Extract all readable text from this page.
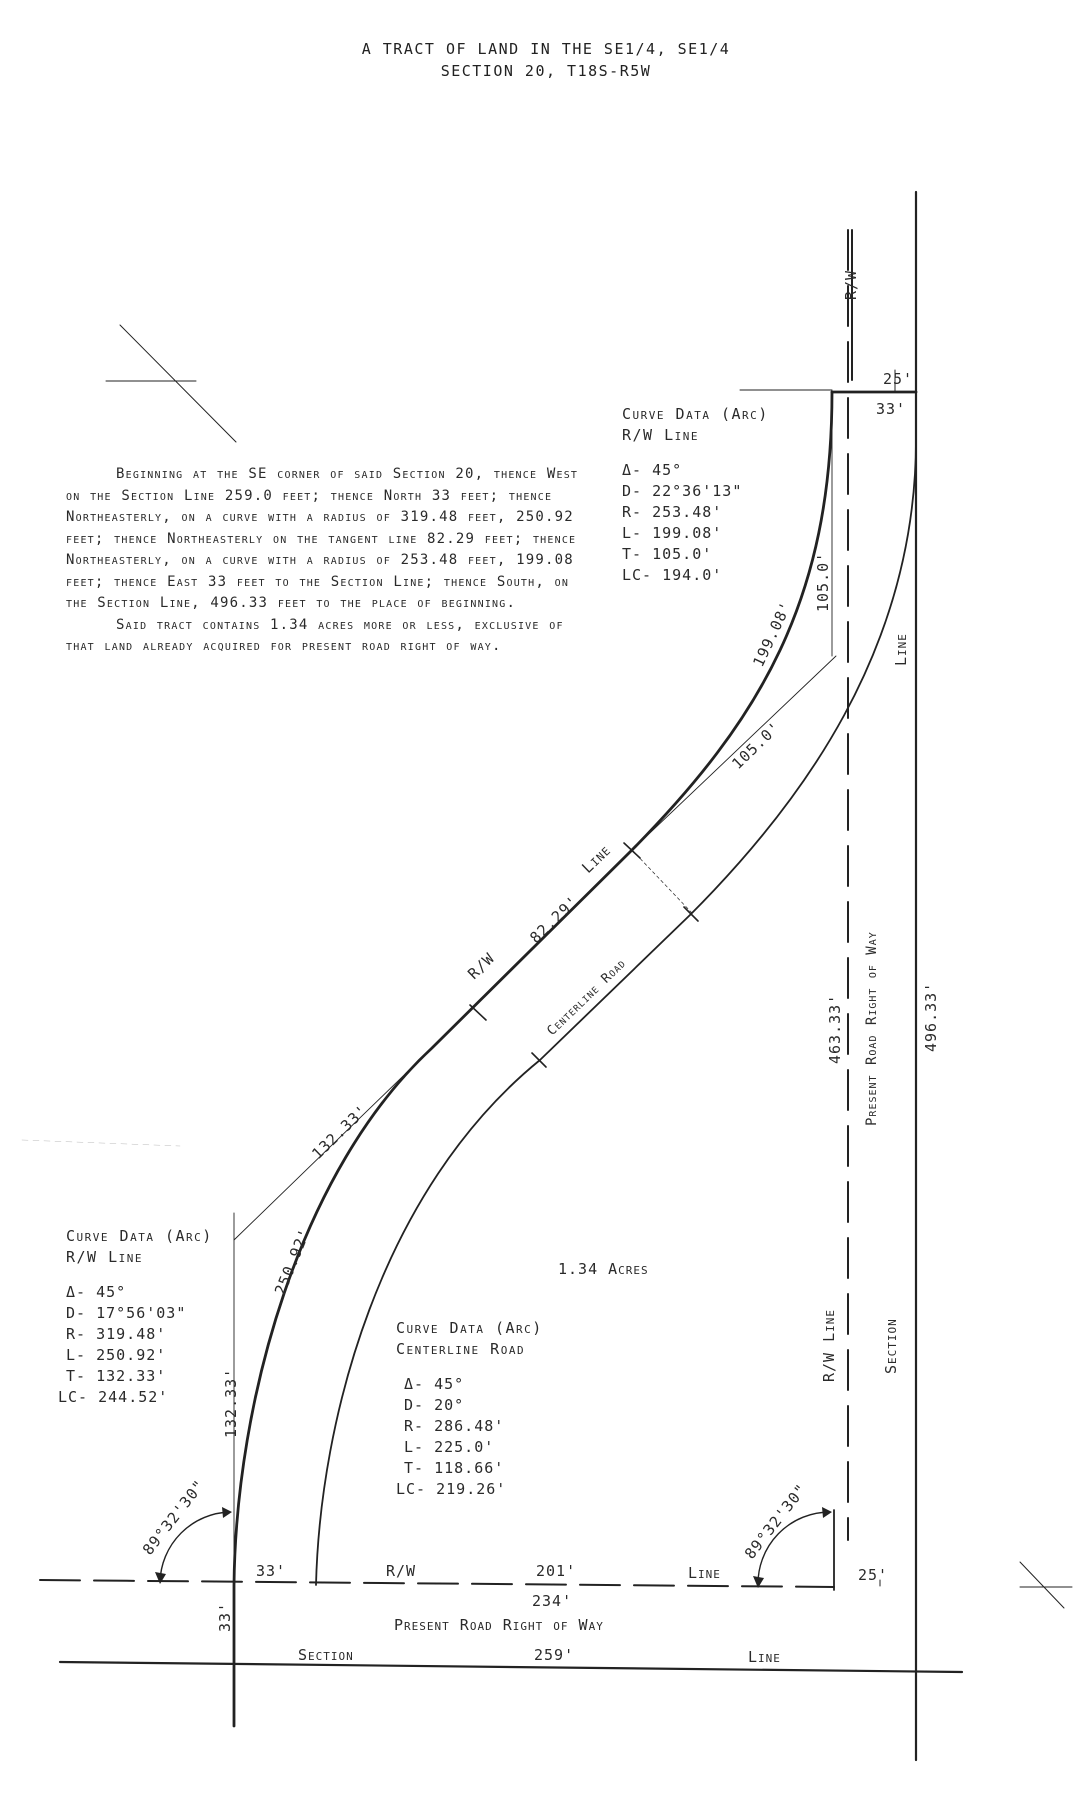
A TRACT OF LAND IN THE SE1/4, SE1/4
SECTION 20, T18S-R5W

Beginning at the SE corner of said Section 20, thence West on the Section Line 259.0 feet; thence North 33 feet; thence Northeasterly, on a curve with a radius of 319.48 feet, 250.92 feet; thence Northeasterly on the tangent line 82.29 feet; thence Northeasterly, on a curve with a radius of 253.48 feet, 199.08 feet; thence East 33 feet to the Section Line; thence South, on the Section Line, 496.33 feet to the place of beginning.

Said tract contains 1.34 acres more or less, exclusive of that land already acquired for present road right of way.

Curve Data (Arc)
R/W Line
Δ- 45°
D- 22°36'13"
R- 253.48'
L- 199.08'
T- 105.0'
LC- 194.0'
Curve Data (Arc)
R/W Line
Δ- 45°
D- 17°56'03"
R- 319.48'
L- 250.92'
T- 132.33'
LC- 244.52'
Curve Data (Arc)
Centerline Road
Δ- 45°
D- 20°
R- 286.48'
L- 225.0'
T- 118.66'
LC- 219.26'
R/W
25'
33'
105.0'
199.08'
105.0'
Line
Line
82.29'
R/W	Centerline Road
132.33'
250.92'
132.33'
463.33' Present Road Right of Way	496.33'
1.34 Acres
R/W Line	Section
89°32'30"	89°32'30"
33'	R/W	201'	Line	25'
234'
Present Road Right of Way
33'
Section	259'	Line
